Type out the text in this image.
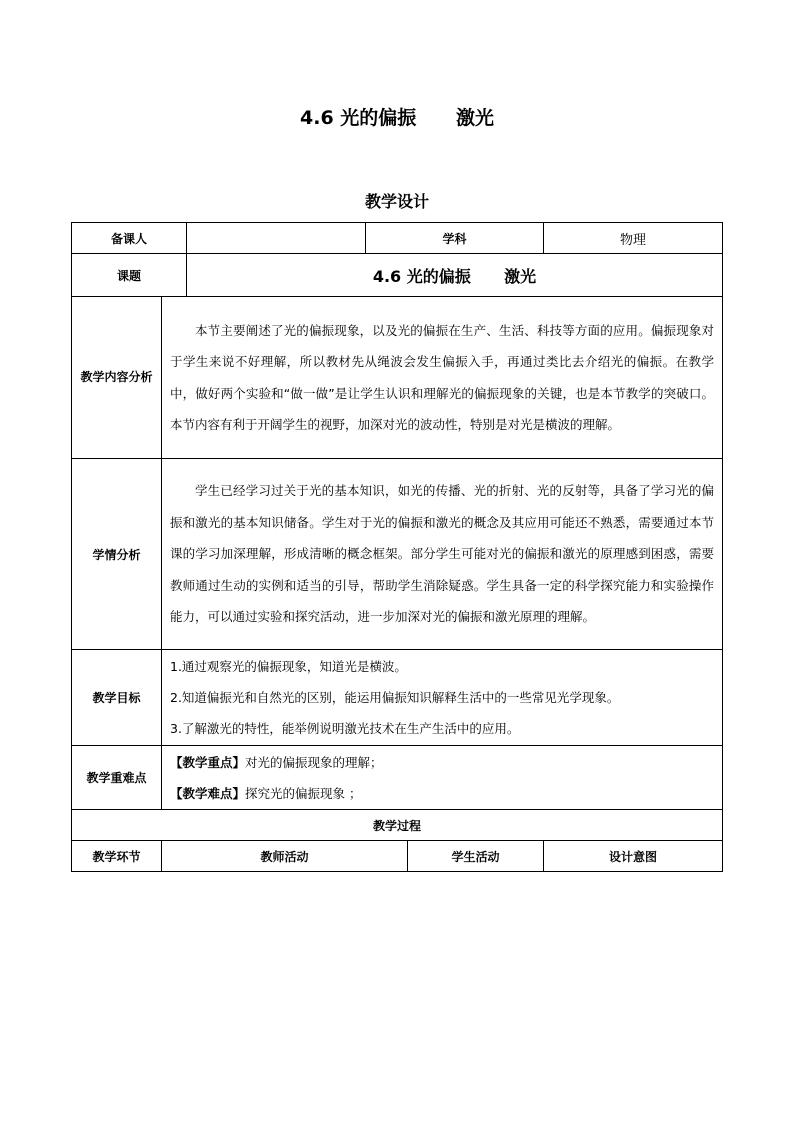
4.6 光的偏振      激光
教学设计
备课人			学科		物理
课题		4.6 光的偏振      激光			
教学内容分析	本节主要阐述了光的偏振现象，以及光的偏振在生产、生活、科技等方面的应用。偏振现象对于学生来说不好理解，所以教材先从绳波会发生偏振入手，再通过类比去介绍光的偏振。在教学中，做好两个实验和“做一做”是让学生认识和理解光的偏振现象的关键，也是本节教学的突破口。本节内容有利于开阔学生的视野，加深对光的波动性，特别是对光是横波的理解。				

学情分析	学生已经学习过关于光的基本知识，如光的传播、光的折射、光的反射等，具备了学习光的偏振和激光的基本知识储备。学生对于光的偏振和激光的概念及其应用可能还不熟悉，需要通过本节课的学习加深理解，形成清晰的概念框架。部分学生可能对光的偏振和激光的原理感到困惑，需要教师通过生动的实例和适当的引导，帮助学生消除疑惑。学生具备一定的科学探究能力和实验操作能力，可以通过实验和探究活动，进一步加深对光的偏振和激光原理的理解。				

教学目标	1.通过观察光的偏振现象，知道光是横波。
2.知道偏振光和自然光的区别，能运用偏振知识解释生活中的一些常见光学现象。
3.了解激光的特性，能举例说明激光技术在生产生活中的应用。				

教学重难点	【教学重点】对光的偏振现象的理解；
【教学难点】探究光的偏振现象 ；				

教学过程					
教学环节	教师活动			学生活动	设计意图
